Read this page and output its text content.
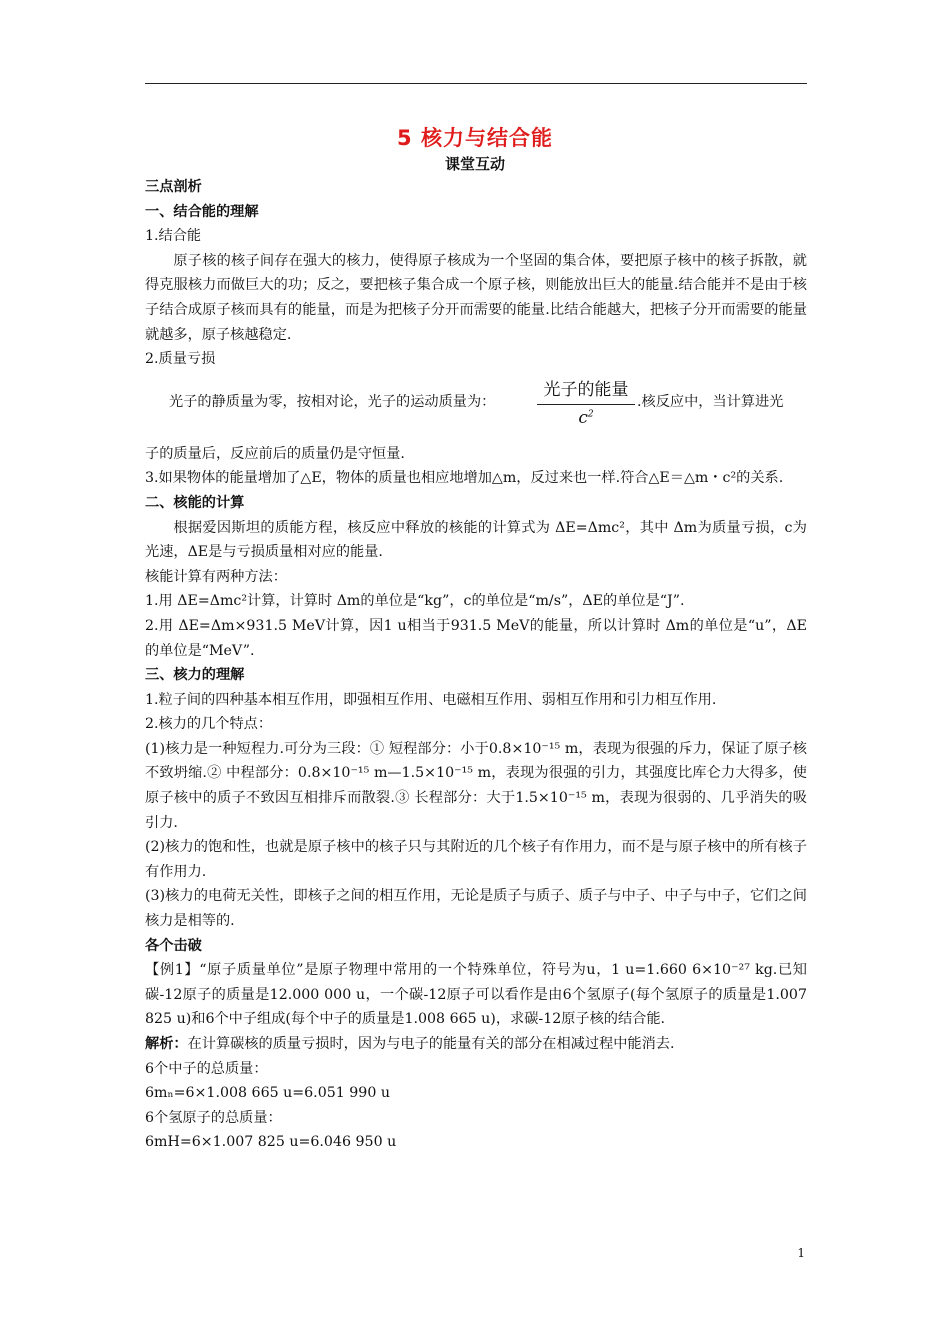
5 核力与结合能
课堂互动

三点剖析

一、结合能的理解

1.结合能

原子核的核子间存在强大的核力，使得原子核成为一个坚固的集合体，要把原子核中的核子拆散，就得克服核力而做巨大的功；反之，要把核子集合成一个原子核，则能放出巨大的能量.结合能并不是由于核子结合成原子核而具有的能量，而是为把核子分开而需要的能量.比结合能越大，把核子分开而需要的能量就越多，原子核越稳定.

2.质量亏损

光子的静质量为零，按相对论，光子的运动质量为：
光子的能量
$c^2$
.核反应中，当计算进光

子的质量后，反应前后的质量仍是守恒量.

3.如果物体的能量增加了△E，物体的质量也相应地增加△m，反过来也一样.符合△E＝△m・c²的关系.

二、核能的计算

根据爱因斯坦的质能方程，核反应中释放的核能的计算式为 ΔE=Δmc²，其中 Δm为质量亏损，c为光速，ΔE是与亏损质量相对应的能量.

核能计算有两种方法：

1.用 ΔE=Δmc²计算，计算时 Δm的单位是“kg”，c的单位是“m/s”，ΔE的单位是“J”.

2.用 ΔE=Δm×931.5 MeV计算，因1 u相当于931.5 MeV的能量，所以计算时 Δm的单位是“u”，ΔE的单位是“MeV”.

三、核力的理解

1.粒子间的四种基本相互作用，即强相互作用、电磁相互作用、弱相互作用和引力相互作用.

2.核力的几个特点：

(1)核力是一种短程力.可分为三段：① 短程部分：小于0.8×10⁻¹⁵ m，表现为很强的斥力，保证了原子核不致坍缩.② 中程部分：0.8×10⁻¹⁵ m—1.5×10⁻¹⁵ m，表现为很强的引力，其强度比库仑力大得多，使原子核中的质子不致因互相排斥而散裂.③ 长程部分：大于1.5×10⁻¹⁵ m，表现为很弱的、几乎消失的吸引力.

(2)核力的饱和性，也就是原子核中的核子只与其附近的几个核子有作用力，而不是与原子核中的所有核子有作用力.

(3)核力的电荷无关性，即核子之间的相互作用，无论是质子与质子、质子与中子、中子与中子，它们之间核力是相等的.

各个击破

【例1】“原子质量单位”是原子物理中常用的一个特殊单位，符号为u，1 u=1.660 6×10⁻²⁷ kg.已知碳-12原子的质量是12.000 000 u，一个碳-12原子可以看作是由6个氢原子(每个氢原子的质量是1.007 825 u)和6个中子组成(每个中子的质量是1.008 665 u)，求碳-12原子核的结合能.

解析：在计算碳核的质量亏损时，因为与电子的能量有关的部分在相减过程中能消去.

6个中子的总质量：

6mₙ=6×1.008 665 u=6.051 990 u

6个氢原子的总质量：

6mH=6×1.007 825 u=6.046 950 u

1
